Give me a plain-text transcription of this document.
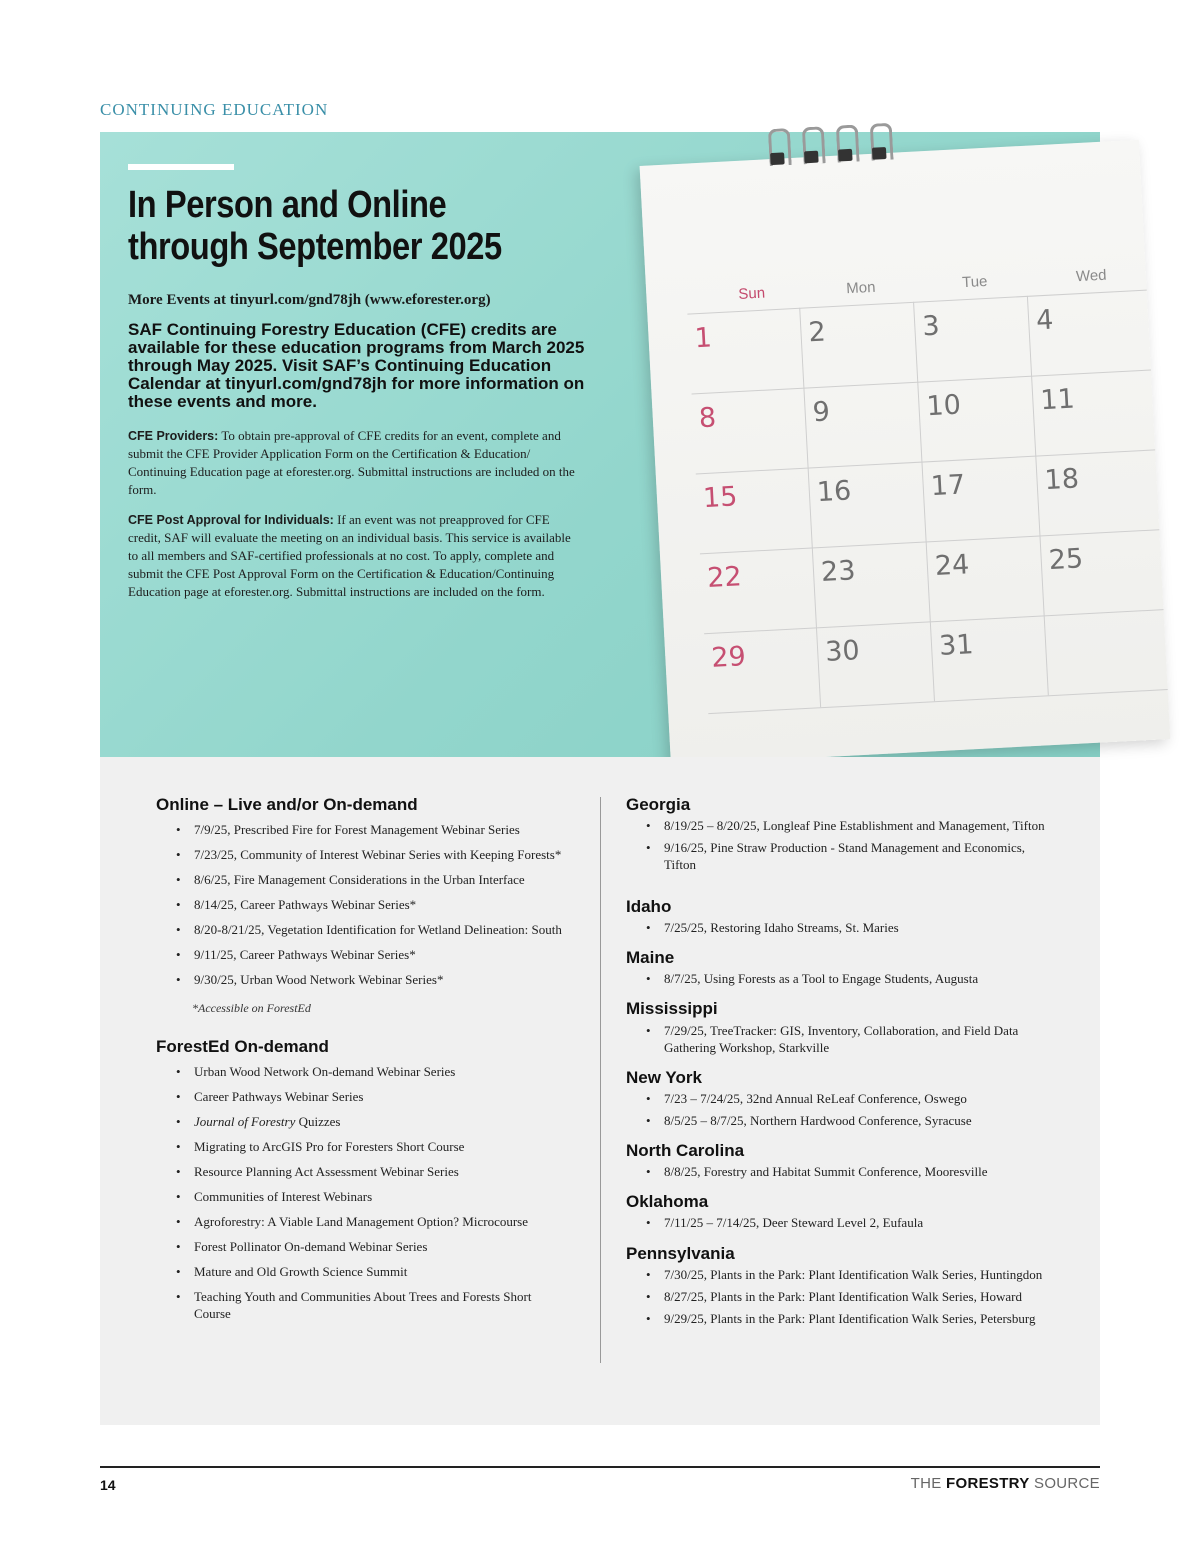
CONTINUING EDUCATION
In Person and Online
through September 2025
More Events at tinyurl.com/gnd78jh (www.eforester.org)
SAF Continuing Forestry Education (CFE) credits are available for these education programs from March 2025 through May 2025. Visit SAF’s Continuing Education Calendar at tinyurl.com/gnd78jh for more information on these events and more.
CFE Providers: To obtain pre-approval of CFE credits for an event, complete and submit the CFE Provider Application Form on the Certification & Education/ Continuing Education page at eforester.org. Submittal instructions are included on the form.
CFE Post Approval for Individuals: If an event was not preapproved for CFE credit, SAF will evaluate the meeting on an individual basis. This service is available to all members and SAF-certified professionals at no cost. To apply, complete and submit the CFE Post Approval Form on the Certification & Education/Continuing Education page at eforester.org. Submittal instructions are included on the form.
Sun	Mon	Tue	Wed
1	2	3	4
8	9	10	11
15	16	17	18
22	23	24	25
29	30	31
Online – Live and/or On-demand
• 7/9/25, Prescribed Fire for Forest Management Webinar Series
• 7/23/25, Community of Interest Webinar Series with Keeping Forests*
• 8/6/25, Fire Management Considerations in the Urban Interface
• 8/14/25, Career Pathways Webinar Series*
• 8/20-8/21/25, Vegetation Identification for Wetland Delineation: South
• 9/11/25, Career Pathways Webinar Series*
• 9/30/25, Urban Wood Network Webinar Series*
*Accessible on ForestEd
ForestEd On-demand
• Urban Wood Network On-demand Webinar Series
• Career Pathways Webinar Series
• Journal of Forestry Quizzes
• Migrating to ArcGIS Pro for Foresters Short Course
• Resource Planning Act Assessment Webinar Series
• Communities of Interest Webinars
• Agroforestry: A Viable Land Management Option? Microcourse
• Forest Pollinator On-demand Webinar Series
• Mature and Old Growth Science Summit
• Teaching Youth and Communities About Trees and Forests Short Course
Georgia
• 8/19/25 – 8/20/25, Longleaf Pine Establishment and Management, Tifton
• 9/16/25, Pine Straw Production - Stand Management and Economics, Tifton
Idaho
• 7/25/25, Restoring Idaho Streams, St. Maries
Maine
• 8/7/25, Using Forests as a Tool to Engage Students, Augusta
Mississippi
• 7/29/25, TreeTracker: GIS, Inventory, Collaboration, and Field Data Gathering Workshop, Starkville
New York
• 7/23 – 7/24/25, 32nd Annual ReLeaf Conference, Oswego
• 8/5/25 – 8/7/25, Northern Hardwood Conference, Syracuse
North Carolina
• 8/8/25, Forestry and Habitat Summit Conference, Mooresville
Oklahoma
• 7/11/25 – 7/14/25, Deer Steward Level 2, Eufaula
Pennsylvania
• 7/30/25, Plants in the Park: Plant Identification Walk Series, Huntingdon
• 8/27/25, Plants in the Park: Plant Identification Walk Series, Howard
• 9/29/25, Plants in the Park: Plant Identification Walk Series, Petersburg
14	THE FORESTRY SOURCE
